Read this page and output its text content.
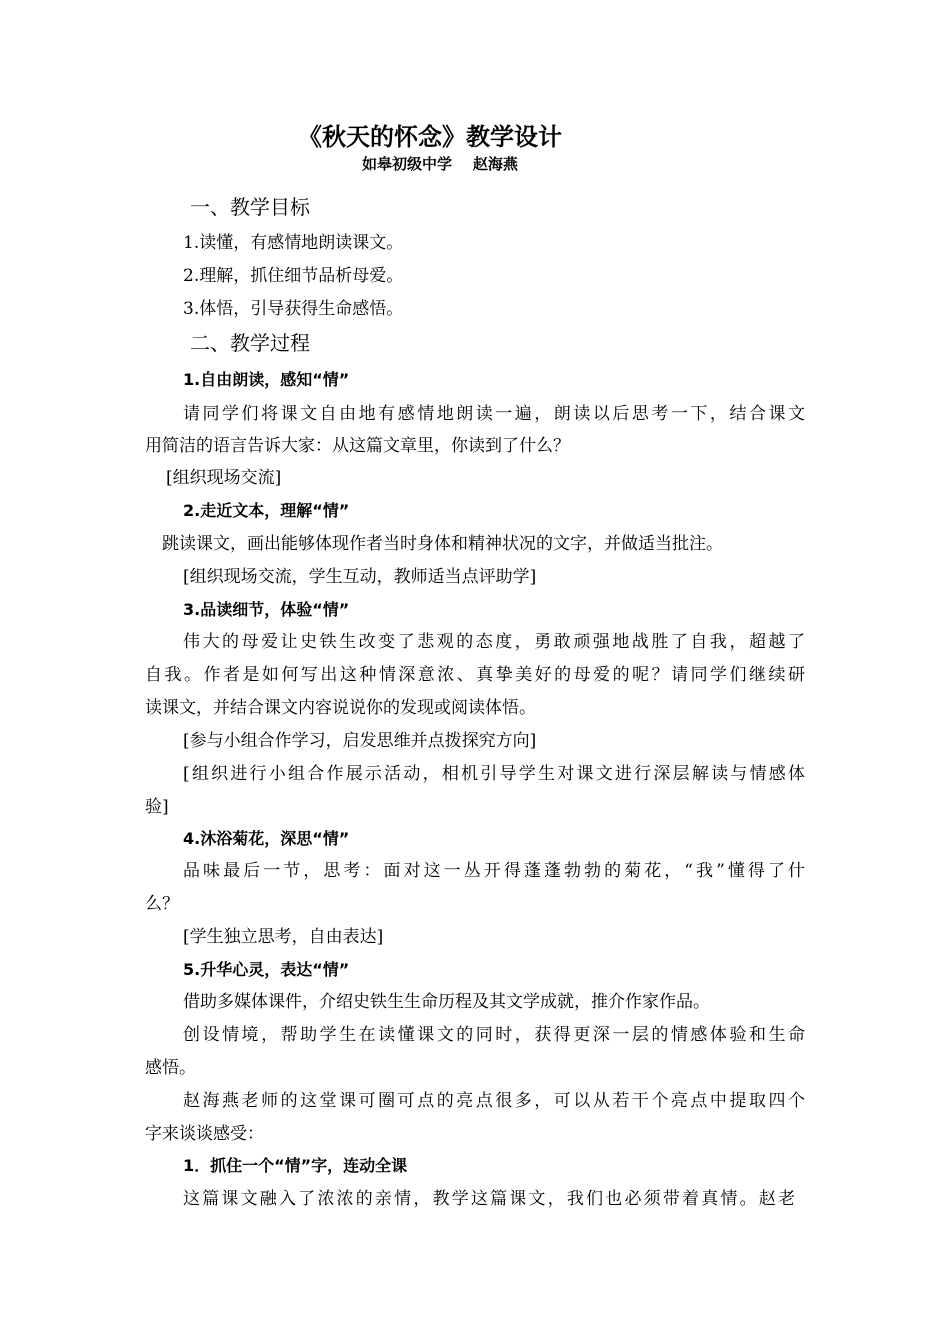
《秋天的怀念》教学设计
如皋初级中学    赵海燕
一、教学目标
1.读懂，有感情地朗读课文。
2.理解，抓住细节品析母爱。
3.体悟，引导获得生命感悟。
二、教学过程
1.自由朗读，感知“情”
请同学们将课文自由地有感情地朗读一遍，朗读以后思考一下，结合课文
用简洁的语言告诉大家：从这篇文章里，你读到了什么？
[组织现场交流]
2.走近文本，理解“情”
跳读课文，画出能够体现作者当时身体和精神状况的文字，并做适当批注。
[组织现场交流，学生互动，教师适当点评助学]
3.品读细节，体验“情”
伟大的母爱让史铁生改变了悲观的态度，勇敢顽强地战胜了自我，超越了
自我。作者是如何写出这种情深意浓、真挚美好的母爱的呢？请同学们继续研
读课文，并结合课文内容说说你的发现或阅读体悟。
[参与小组合作学习，启发思维并点拨探究方向]
[组织进行小组合作展示活动，相机引导学生对课文进行深层解读与情感体
验]
4.沐浴菊花，深思“情”
品味最后一节，思考：面对这一丛开得蓬蓬勃勃的菊花，“我”懂得了什
么？
[学生独立思考，自由表达]
5.升华心灵，表达“情”
借助多媒体课件，介绍史铁生生命历程及其文学成就，推介作家作品。
创设情境，帮助学生在读懂课文的同时，获得更深一层的情感体验和生命
感悟。
赵海燕老师的这堂课可圈可点的亮点很多，可以从若干个亮点中提取四个
字来谈谈感受：
1．抓住一个“情”字，连动全课
这篇课文融入了浓浓的亲情，教学这篇课文，我们也必须带着真情。赵老
